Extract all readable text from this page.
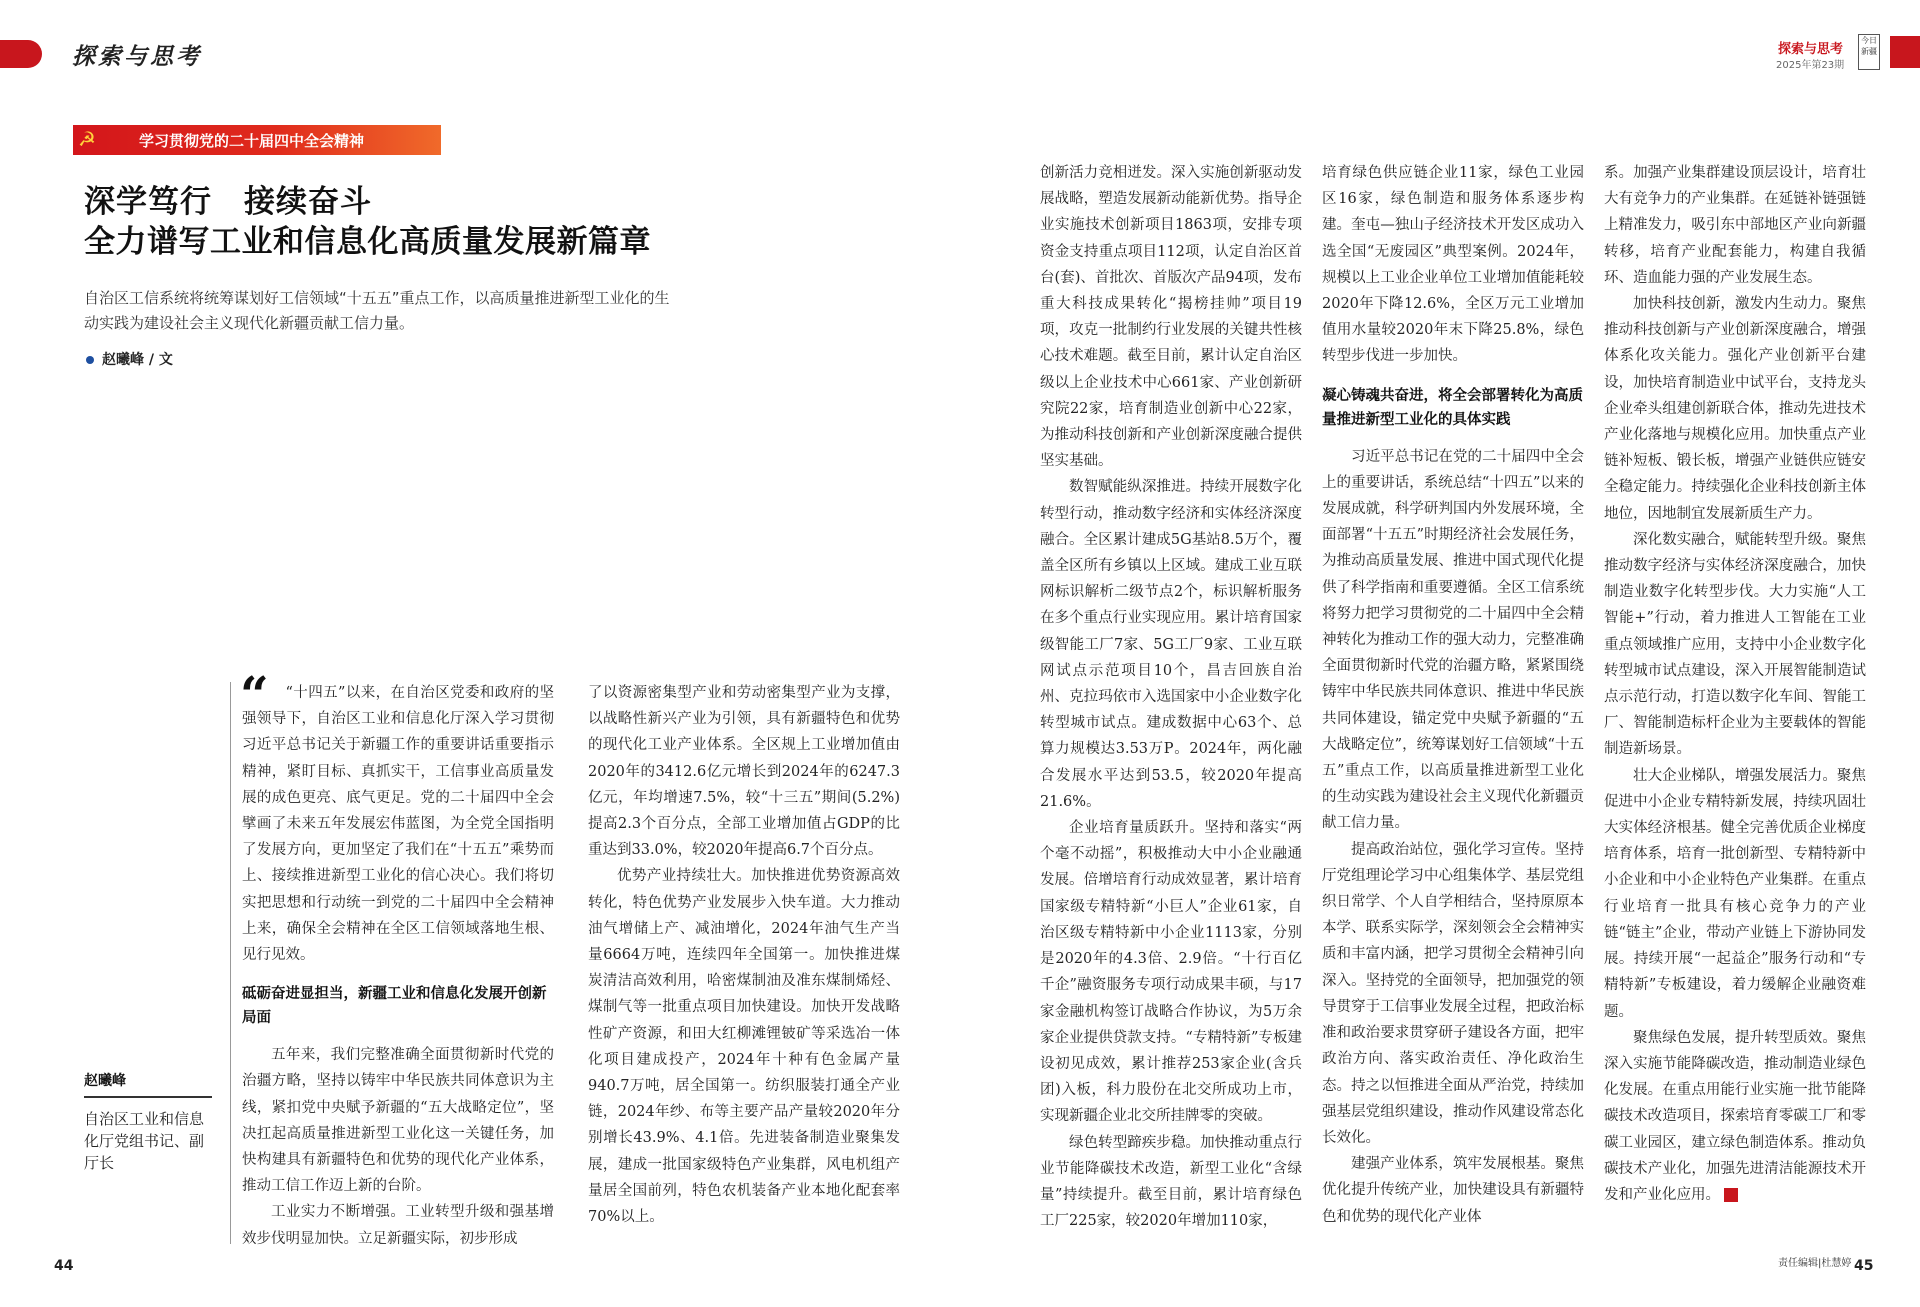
探索与思考	探索与思考
2025年第23期
今日新疆
学习贯彻党的二十届四中全会精神
☭
深学笃行　接续奋斗
全力谱写工业和信息化高质量发展新篇章
自治区工信系统将统筹谋划好工信领域“十五五”重点工作，以高质量推进新型工业化的生动实践为建设社会主义现代化新疆贡献工信力量。
赵曦峰 / 文
赵曦峰
自治区工业和信息化厅党组书记、副厅长
“	“十四五”以来，在自治区党委和政府的坚强领导下，自治区工业和信息化厅深入学习贯彻习近平总书记关于新疆工作的重要讲话重要指示精神，紧盯目标、真抓实干，工信事业高质量发展的成色更亮、底气更足。党的二十届四中全会擘画了未来五年发展宏伟蓝图，为全党全国指明了发展方向，更加坚定了我们在“十五五”乘势而上、接续推进新型工业化的信心决心。我们将切实把思想和行动统一到党的二十届四中全会精神上来，确保全会精神在全区工信领域落地生根、见行见效。

砥砺奋进显担当，新疆工业和信息化发展开创新局面

五年来，我们完整准确全面贯彻新时代党的治疆方略，坚持以铸牢中华民族共同体意识为主线，紧扣党中央赋予新疆的“五大战略定位”，坚决扛起高质量推进新型工业化这一关键任务，加快构建具有新疆特色和优势的现代化产业体系，推动工信工作迈上新的台阶。

工业实力不断增强。工业转型升级和强基增效步伐明显加快。立足新疆实际，初步形成

了以资源密集型产业和劳动密集型产业为支撑，以战略性新兴产业为引领，具有新疆特色和优势的现代化工业产业体系。全区规上工业增加值由2020年的3412.6亿元增长到2024年的6247.3亿元，年均增速7.5%，较“十三五”期间(5.2%)提高2.3个百分点，全部工业增加值占GDP的比重达到33.0%，较2020年提高6.7个百分点。

优势产业持续壮大。加快推进优势资源高效转化，特色优势产业发展步入快车道。大力推动油气增储上产、减油增化，2024年油气生产当量6664万吨，连续四年全国第一。加快推进煤炭清洁高效利用，哈密煤制油及准东煤制烯烃、煤制气等一批重点项目加快建设。加快开发战略性矿产资源，和田大红柳滩锂铍矿等采选冶一体化项目建成投产，2024年十种有色金属产量940.7万吨，居全国第一。纺织服装打通全产业链，2024年纱、布等主要产品产量较2020年分别增长43.9%、4.1倍。先进装备制造业聚集发展，建成一批国家级特色产业集群，风电机组产量居全国前列，特色农机装备产业本地化配套率70%以上。

创新活力竞相迸发。深入实施创新驱动发展战略，塑造发展新动能新优势。指导企业实施技术创新项目1863项，安排专项资金支持重点项目112项，认定自治区首台(套)、首批次、首版次产品94项，发布重大科技成果转化“揭榜挂帅”项目19项，攻克一批制约行业发展的关键共性核心技术难题。截至目前，累计认定自治区级以上企业技术中心661家、产业创新研究院22家，培育制造业创新中心22家，为推动科技创新和产业创新深度融合提供坚实基础。

数智赋能纵深推进。持续开展数字化转型行动，推动数字经济和实体经济深度融合。全区累计建成5G基站8.5万个，覆盖全区所有乡镇以上区域。建成工业互联网标识解析二级节点2个，标识解析服务在多个重点行业实现应用。累计培育国家级智能工厂7家、5G工厂9家、工业互联网试点示范项目10个，昌吉回族自治州、克拉玛依市入选国家中小企业数字化转型城市试点。建成数据中心63个、总算力规模达3.53万P。2024年，两化融合发展水平达到53.5，较2020年提高21.6%。

企业培育量质跃升。坚持和落实“两个毫不动摇”，积极推动大中小企业融通发展。倍增培育行动成效显著，累计培育国家级专精特新“小巨人”企业61家，自治区级专精特新中小企业1113家，分别是2020年的4.3倍、2.9倍。“十行百亿千企”融资服务专项行动成果丰硕，与17家金融机构签订战略合作协议，为5万余家企业提供贷款支持。“专精特新”专板建设初见成效，累计推荐253家企业(含兵团)入板，科力股份在北交所成功上市，实现新疆企业北交所挂牌零的突破。

绿色转型蹄疾步稳。加快推动重点行业节能降碳技术改造，新型工业化“含绿量”持续提升。截至目前，累计培育绿色工厂225家，较2020年增加110家，

培育绿色供应链企业11家，绿色工业园区16家，绿色制造和服务体系逐步构建。奎屯—独山子经济技术开发区成功入选全国“无废园区”典型案例。2024年，规模以上工业企业单位工业增加值能耗较2020年下降12.6%，全区万元工业增加值用水量较2020年末下降25.8%，绿色转型步伐进一步加快。

凝心铸魂共奋进，将全会部署转化为高质量推进新型工业化的具体实践

习近平总书记在党的二十届四中全会上的重要讲话，系统总结“十四五”以来的发展成就，科学研判国内外发展环境，全面部署“十五五”时期经济社会发展任务，为推动高质量发展、推进中国式现代化提供了科学指南和重要遵循。全区工信系统将努力把学习贯彻党的二十届四中全会精神转化为推动工作的强大动力，完整准确全面贯彻新时代党的治疆方略，紧紧围绕铸牢中华民族共同体意识、推进中华民族共同体建设，锚定党中央赋予新疆的“五大战略定位”，统筹谋划好工信领域“十五五”重点工作，以高质量推进新型工业化的生动实践为建设社会主义现代化新疆贡献工信力量。

提高政治站位，强化学习宣传。坚持厅党组理论学习中心组集体学、基层党组织日常学、个人自学相结合，坚持原原本本学、联系实际学，深刻领会全会精神实质和丰富内涵，把学习贯彻全会精神引向深入。坚持党的全面领导，把加强党的领导贯穿于工信事业发展全过程，把政治标准和政治要求贯穿研子建设各方面，把牢政治方向、落实政治责任、净化政治生态。持之以恒推进全面从严治党，持续加强基层党组织建设，推动作风建设常态化长效化。

建强产业体系，筑牢发展根基。聚焦优化提升传统产业，加快建设具有新疆特色和优势的现代化产业体

系。加强产业集群建设顶层设计，培育壮大有竞争力的产业集群。在延链补链强链上精准发力，吸引东中部地区产业向新疆转移，培育产业配套能力，构建自我循环、造血能力强的产业发展生态。

加快科技创新，激发内生动力。聚焦推动科技创新与产业创新深度融合，增强体系化攻关能力。强化产业创新平台建设，加快培育制造业中试平台，支持龙头企业牵头组建创新联合体，推动先进技术产业化落地与规模化应用。加快重点产业链补短板、锻长板，增强产业链供应链安全稳定能力。持续强化企业科技创新主体地位，因地制宜发展新质生产力。

深化数实融合，赋能转型升级。聚焦推动数字经济与实体经济深度融合，加快制造业数字化转型步伐。大力实施“人工智能+”行动，着力推进人工智能在工业重点领域推广应用，支持中小企业数字化转型城市试点建设，深入开展智能制造试点示范行动，打造以数字化车间、智能工厂、智能制造标杆企业为主要载体的智能制造新场景。

壮大企业梯队，增强发展活力。聚焦促进中小企业专精特新发展，持续巩固壮大实体经济根基。健全完善优质企业梯度培育体系，培育一批创新型、专精特新中小企业和中小企业特色产业集群。在重点行业培育一批具有核心竞争力的产业链“链主”企业，带动产业链上下游协同发展。持续开展“一起益企”服务行动和“专精特新”专板建设，着力缓解企业融资难题。

聚焦绿色发展，提升转型质效。聚焦深入实施节能降碳改造，推动制造业绿色化发展。在重点用能行业实施一批节能降碳技术改造项目，探索培育零碳工厂和零碳工业园区，建立绿色制造体系。推动负碳技术产业化，加强先进清洁能源技术开发和产业化应用。

44	45
责任编辑|杜慧婷
